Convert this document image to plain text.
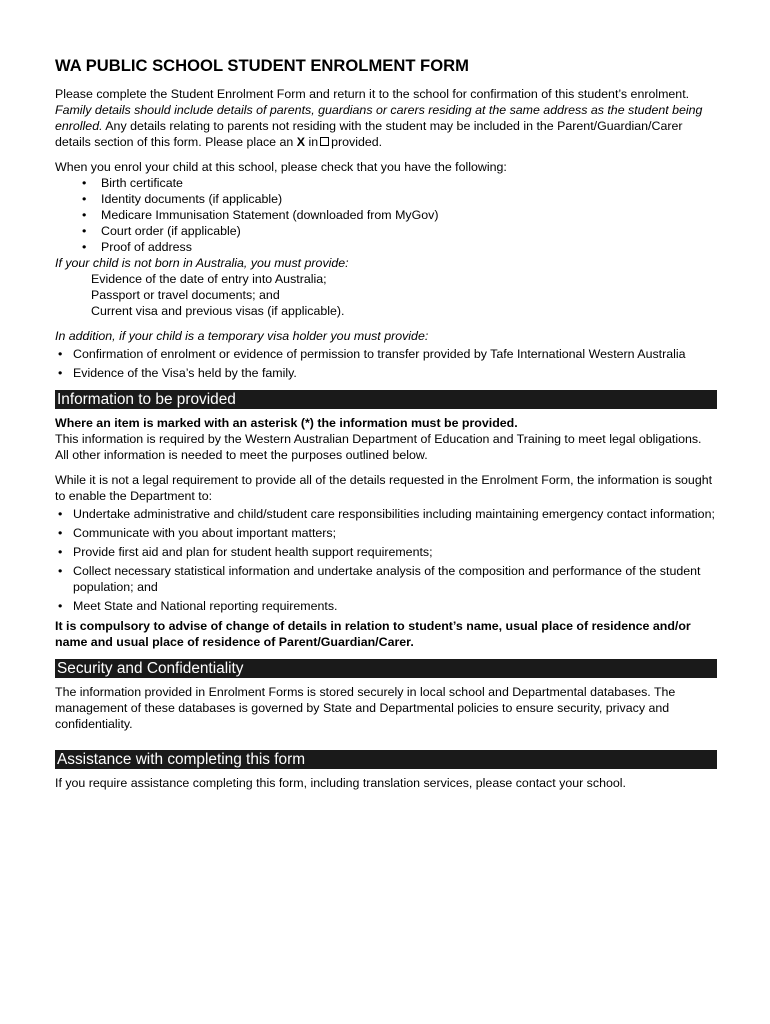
WA PUBLIC SCHOOL STUDENT ENROLMENT FORM

Please complete the Student Enrolment Form and return it to the school for confirmation of this student’s enrolment. Family details should include details of parents, guardians or carers residing at the same address as the student being enrolled. Any details relating to parents not residing with the student may be included in the Parent/Guardian/Carer details section of this form. Please place an X in provided.

When you enrol your child at this school, please check that you have the following:

• Birth certificate
• Identity documents (if applicable)
• Medicare Immunisation Statement (downloaded from MyGov)
• Court order (if applicable)
• Proof of address

If your child is not born in Australia, you must provide:

Evidence of the date of entry into Australia;

Passport or travel documents; and

Current visa and previous visas (if applicable).

In addition, if your child is a temporary visa holder you must provide:

• Confirmation of enrolment or evidence of permission to transfer provided by Tafe International Western Australia
• Evidence of the Visa’s held by the family.
Information to be provided

Where an item is marked with an asterisk (*) the information must be provided.

This information is required by the Western Australian Department of Education and Training to meet legal obligations. All other information is needed to meet the purposes outlined below.

While it is not a legal requirement to provide all of the details requested in the Enrolment Form, the information is sought to enable the Department to:

• Undertake administrative and child/student care responsibilities including maintaining emergency contact information;
• Communicate with you about important matters;
• Provide first aid and plan for student health support requirements;
• Collect necessary statistical information and undertake analysis of the composition and performance of the student population; and
• Meet State and National reporting requirements.

It is compulsory to advise of change of details in relation to student’s name, usual place of residence and/or name and usual place of residence of Parent/Guardian/Carer.

Security and Confidentiality

The information provided in Enrolment Forms is stored securely in local school and Departmental databases. The management of these databases is governed by State and Departmental policies to ensure security, privacy and confidentiality.

Assistance with completing this form

If you require assistance completing this form, including translation services, please contact your school.
